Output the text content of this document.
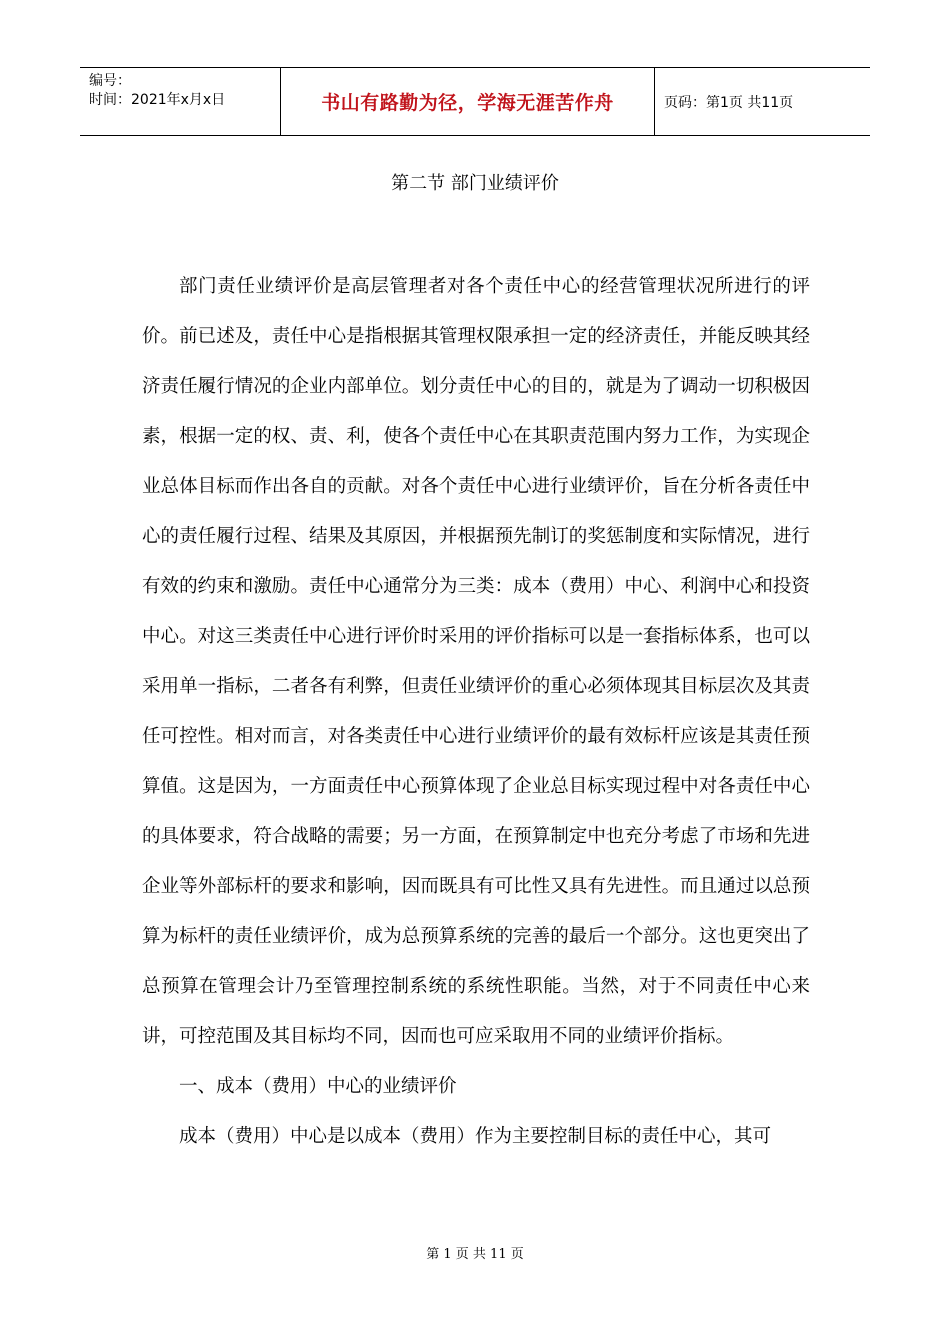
编号：
时间：2021年x月x日	书山有路勤为径，学海无涯苦作舟	页码：第1页 共11页
第二节 部门业绩评价

部门责任业绩评价是高层管理者对各个责任中心的经营管理状况所进行的评价。前已述及，责任中心是指根据其管理权限承担一定的经济责任，并能反映其经济责任履行情况的企业内部单位。划分责任中心的目的，就是为了调动一切积极因素，根据一定的权、责、利，使各个责任中心在其职责范围内努力工作，为实现企业总体目标而作出各自的贡献。对各个责任中心进行业绩评价，旨在分析各责任中心的责任履行过程、结果及其原因，并根据预先制订的奖惩制度和实际情况，进行有效的约束和激励。责任中心通常分为三类：成本（费用）中心、利润中心和投资中心。对这三类责任中心进行评价时采用的评价指标可以是一套指标体系，也可以采用单一指标，二者各有利弊，但责任业绩评价的重心必须体现其目标层次及其责任可控性。相对而言，对各类责任中心进行业绩评价的最有效标杆应该是其责任预算值。这是因为，一方面责任中心预算体现了企业总目标实现过程中对各责任中心的具体要求，符合战略的需要；另一方面，在预算制定中也充分考虑了市场和先进企业等外部标杆的要求和影响，因而既具有可比性又具有先进性。而且通过以总预算为标杆的责任业绩评价，成为总预算系统的完善的最后一个部分。这也更突出了总预算在管理会计乃至管理控制系统的系统性职能。当然，对于不同责任中心来讲，可控范围及其目标均不同，因而也可应采取用不同的业绩评价指标。

一、成本（费用）中心的业绩评价

成本（费用）中心是以成本（费用）作为主要控制目标的责任中心，其可

第 1 页 共 11 页
